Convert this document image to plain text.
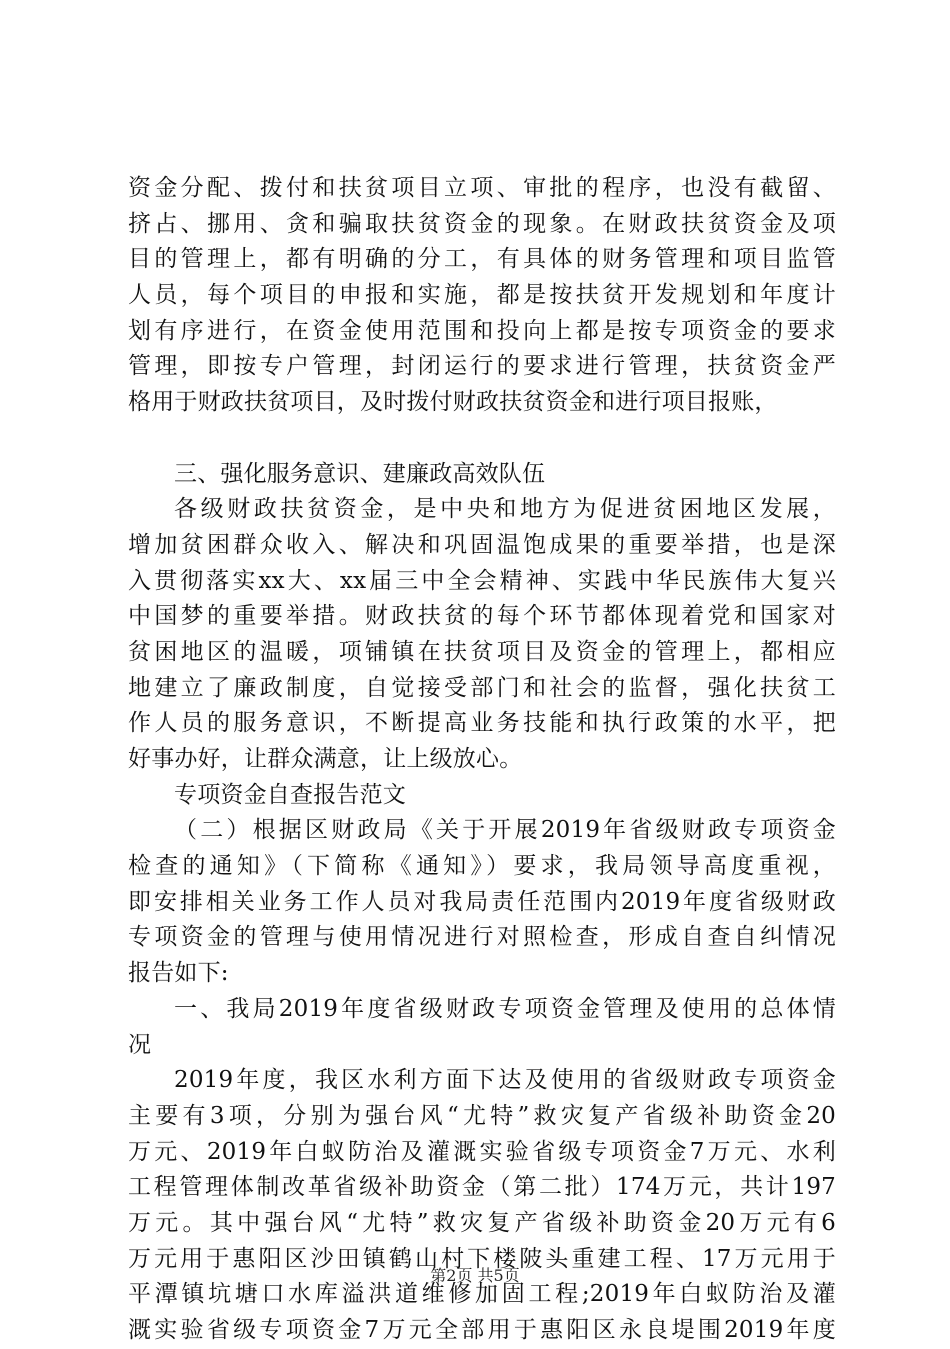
资金分配、拨付和扶贫项目立项、审批的程序，也没有截留、
挤占、挪用、贪和骗取扶贫资金的现象。在财政扶贫资金及项
目的管理上，都有明确的分工，有具体的财务管理和项目监管
人员，每个项目的申报和实施，都是按扶贫开发规划和年度计
划有序进行，在资金使用范围和投向上都是按专项资金的要求
管理，即按专户管理，封闭运行的要求进行管理，扶贫资金严
格用于财政扶贫项目，及时拨付财政扶贫资金和进行项目报账，
三、强化服务意识、建廉政高效队伍
各级财政扶贫资金，是中央和地方为促进贫困地区发展，
增加贫困群众收入、解决和巩固温饱成果的重要举措，也是深
入贯彻落实xx大、xx届三中全会精神、实践中华民族伟大复兴
中国梦的重要举措。财政扶贫的每个环节都体现着党和国家对
贫困地区的温暖，项铺镇在扶贫项目及资金的管理上，都相应
地建立了廉政制度，自觉接受部门和社会的监督，强化扶贫工
作人员的服务意识，不断提高业务技能和执行政策的水平，把
好事办好，让群众满意，让上级放心。
专项资金自查报告范文
（二）根据区财政局《关于开展2019年省级财政专项资金
检查的通知》（下简称《通知》）要求，我局领导高度重视，
即安排相关业务工作人员对我局责任范围内2019年度省级财政
专项资金的管理与使用情况进行对照检查，形成自查自纠情况
报告如下:
一、我局2019年度省级财政专项资金管理及使用的总体情
况
2019年度，我区水利方面下达及使用的省级财政专项资金
主要有3项，分别为强台风“尤特”救灾复产省级补助资金20
万元、2019年白蚁防治及灌溉实验省级专项资金7万元、水利
工程管理体制改革省级补助资金（第二批）174万元，共计197
万元。其中强台风“尤特”救灾复产省级补助资金20万元有6
万元用于惠阳区沙田镇鹤山村下楼陂头重建工程、17万元用于
平潭镇坑塘口水库溢洪道维修加固工程;2019年白蚁防治及灌
溉实验省级专项资金7万元全部用于惠阳区永良堤围2019年度
第2页 共5页
